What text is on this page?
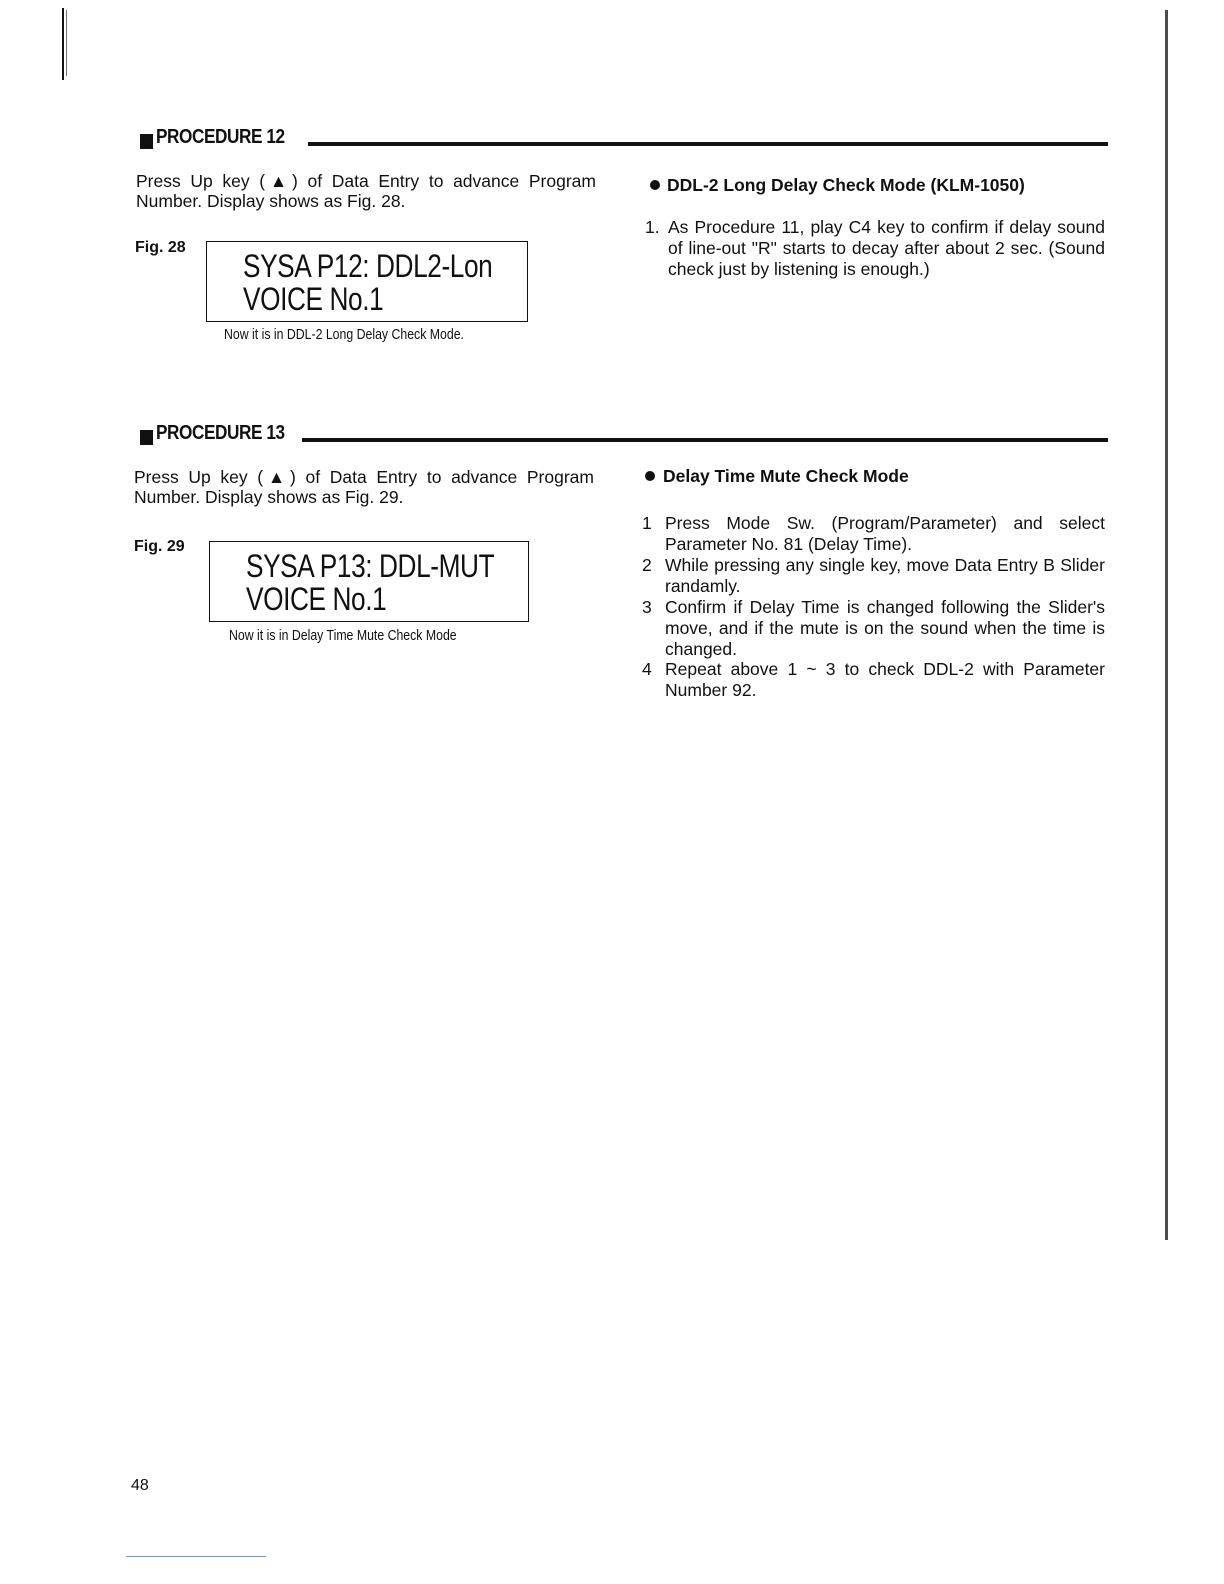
PROCEDURE 12
Press Up key (▲) of Data Entry to advance Program Number. Display shows as Fig. 28.
Fig. 28
SYSA P12: DDL2-Lon
VOICE No.1
Now it is in DDL-2 Long Delay Check Mode.
DDL-2 Long Delay Check Mode (KLM-1050)
1. As Procedure 11, play C4 key to confirm if delay sound of line-out "R" starts to decay after about 2 sec. (Sound check just by listening is enough.)
PROCEDURE 13
Press Up key (▲) of Data Entry to advance Program Number. Display shows as Fig. 29.
Fig. 29
SYSA P13: DDL-MUT
VOICE No.1
Now it is in Delay Time Mute Check Mode
Delay Time Mute Check Mode
1 Press Mode Sw. (Program/Parameter) and select Parameter No. 81 (Delay Time).
2 While pressing any single key, move Data Entry B Slider randamly.
3 Confirm if Delay Time is changed following the Slider's move, and if the mute is on the sound when the time is changed.
4 Repeat above 1 ~ 3 to check DDL-2 with Parameter Number 92.
48
